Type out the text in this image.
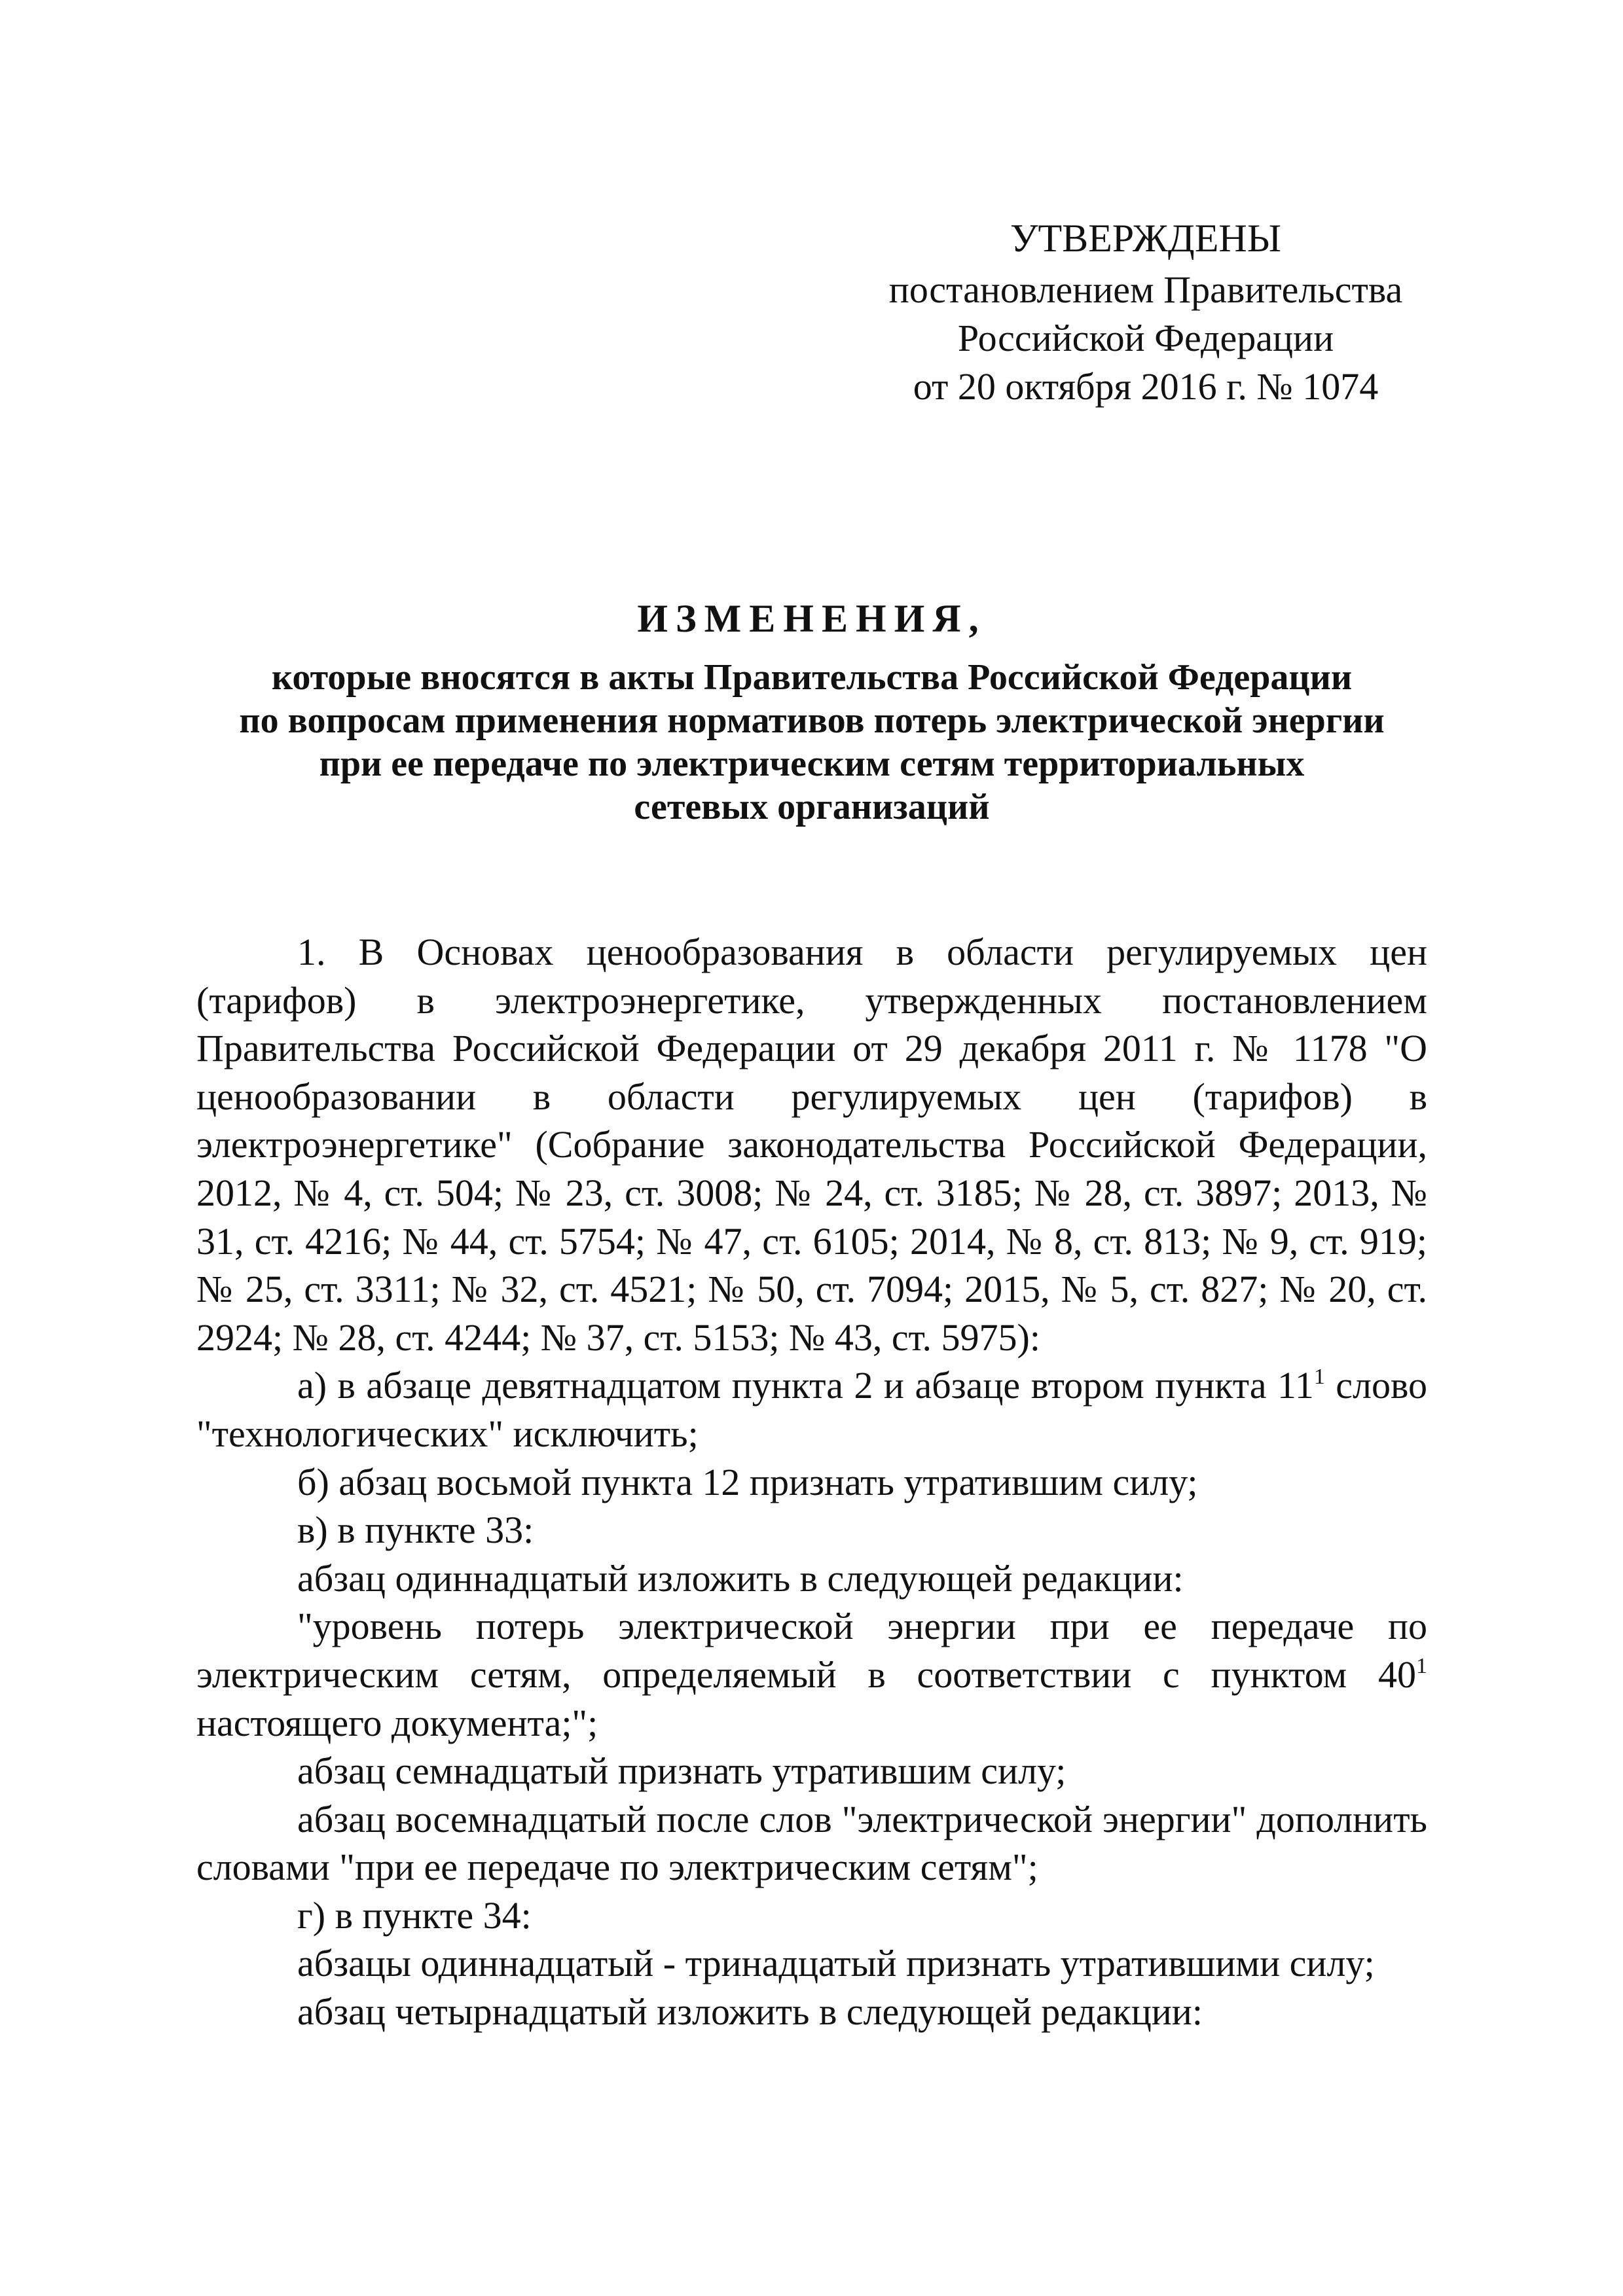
УТВЕРЖДЕНЫ
постановлением Правительства
Российской Федерации
от 20 октября 2016 г. № 1074
ИЗМЕНЕНИЯ,
которые вносятся в акты Правительства Российской Федерации
по вопросам применения нормативов потерь электрической энергии
при ее передаче по электрическим сетям территориальных
сетевых организаций

1. В Основах ценообразования в области регулируемых цен (тарифов) в электроэнергетике, утвержденных постановлением Правительства Российской Федерации от 29 декабря 2011 г. № 1178 "О ценообразовании в области регулируемых цен (тарифов) в электроэнергетике" (Собрание законодательства Российской Федерации, 2012, № 4, ст. 504; № 23, ст. 3008; № 24, ст. 3185; № 28, ст. 3897; 2013, № 31, ст. 4216; № 44, ст. 5754; № 47, ст. 6105; 2014, № 8, ст. 813; № 9, ст. 919; № 25, ст. 3311; № 32, ст. 4521; № 50, ст. 7094; 2015, № 5, ст. 827; № 20, ст. 2924; № 28, ст. 4244; № 37, ст. 5153; № 43, ст. 5975):

а) в абзаце девятнадцатом пункта 2 и абзаце втором пункта $11^1$ слово "технологических" исключить;

б) абзац восьмой пункта 12 признать утратившим силу;

в) в пункте 33:

абзац одиннадцатый изложить в следующей редакции:

"уровень потерь электрической энергии при ее передаче по электрическим сетям, определяемый в соответствии с пунктом $40^1$ настоящего документа;";

абзац семнадцатый признать утратившим силу;

абзац восемнадцатый после слов "электрической энергии" дополнить словами "при ее передаче по электрическим сетям";

г) в пункте 34:

абзацы одиннадцатый - тринадцатый признать утратившими силу;

абзац четырнадцатый изложить в следующей редакции:
